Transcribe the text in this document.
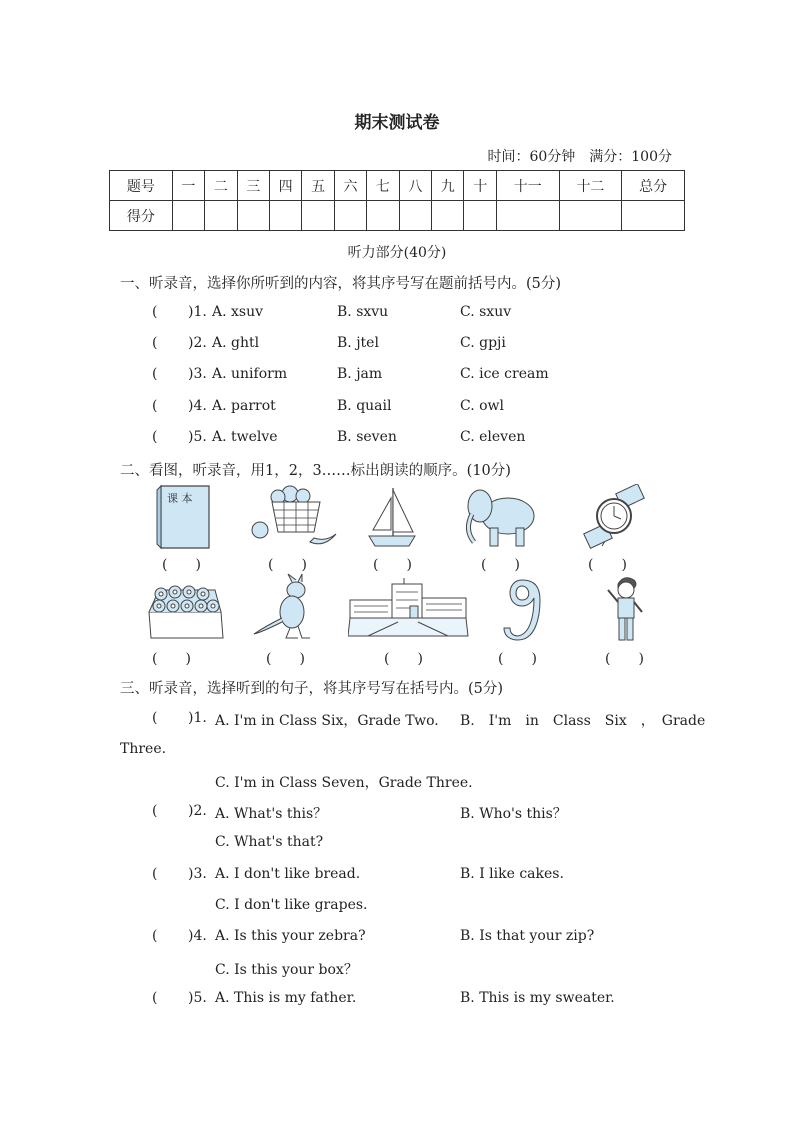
期末测试卷
时间：60分钟　满分：100分
题号	一	二	三	四	五	六	七	八	九	十	十一	十二	总分
得分													
听力部分(40分)
一、听录音，选择你所听到的内容，将其序号写在题前括号内。(5分)
( )1. A. xsuv	B. sxvu	C. sxuv
( )2. A. ghtl	B. jtel	C. gpji
( )3. A. uniform	B. jam	C. ice cream
( )4. A. parrot	B. quail	C. owl
( )5. A. twelve	B. seven	C. eleven
二、看图，听录音，用1，2，3……标出朗读的顺序。(10分)
课 本
(　　)	(　　)	(　　)	(　　)	(　　)
(　　)	(　　)	(　　)	(　　)	(　　)
三、听录音，选择听到的句子，将其序号写在括号内。(5分)
( )1. A. I'm in Class Six，Grade Two. B.　I'm　in　Class　Six　，　Grade
Three.
C. I'm in Class Seven，Grade Three.
( )2. A. What's this？	B. Who's this？
C. What's that?
( )3. A. I don't like bread.	B. I like cakes.
C. I don't like grapes.
( )4. A. Is this your zebra?	B. Is that your zip?
C. Is this your box？
( )5. A. This is my father.	B. This is my sweater.
